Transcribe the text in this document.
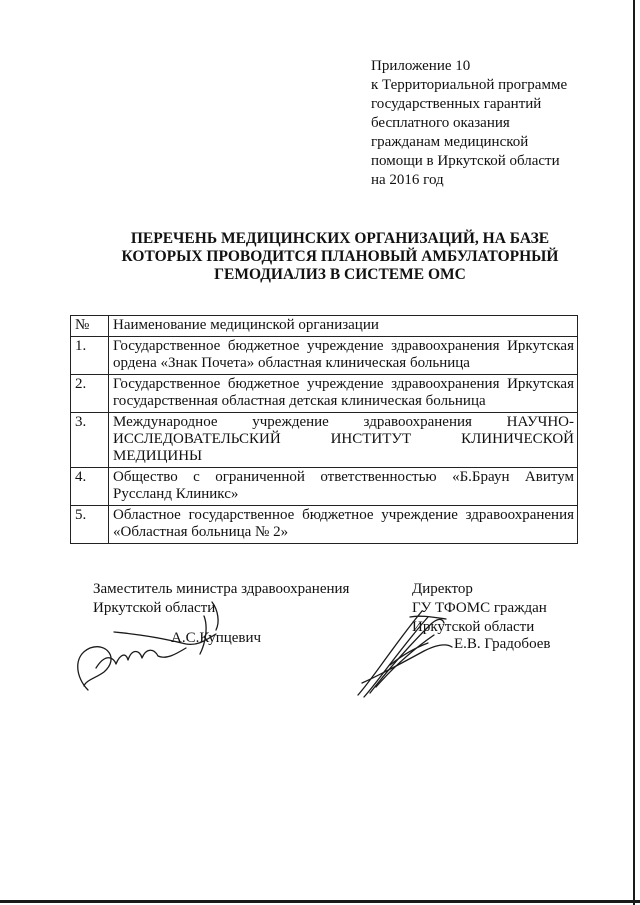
Приложение 10
к Территориальной программе
государственных гарантий
бесплатного оказания
гражданам медицинской
помощи в Иркутской области
на 2016 год
ПЕРЕЧЕНЬ МЕДИЦИНСКИХ ОРГАНИЗАЦИЙ, НА БАЗЕ
КОТОРЫХ ПРОВОДИТСЯ ПЛАНОВЫЙ АМБУЛАТОРНЫЙ
ГЕМОДИАЛИЗ В СИСТЕМЕ ОМС
№	Наименование медицинской организации
1.	Государственное бюджетное учреждение здравоохранения Иркутская ордена «Знак Почета» областная клиническая больница
2.	Государственное бюджетное учреждение здравоохранения Иркутская государственная областная детская клиническая больница
3.	Международное учреждение здравоохранения НАУЧНО-ИССЛЕДОВАТЕЛЬСКИЙ ИНСТИТУТ КЛИНИЧЕСКОЙ МЕДИЦИНЫ
4.	Общество с ограниченной ответственностью «Б.Браун Авитум Руссланд Клиникс»
5.	Областное государственное бюджетное учреждение здравоохранения «Областная больница № 2»
Заместитель министра здравоохранения
Иркутской области
А.С.Купцевич
Директор
ГУ ТФОМС граждан
Иркутской области
Е.В. Градобоев
